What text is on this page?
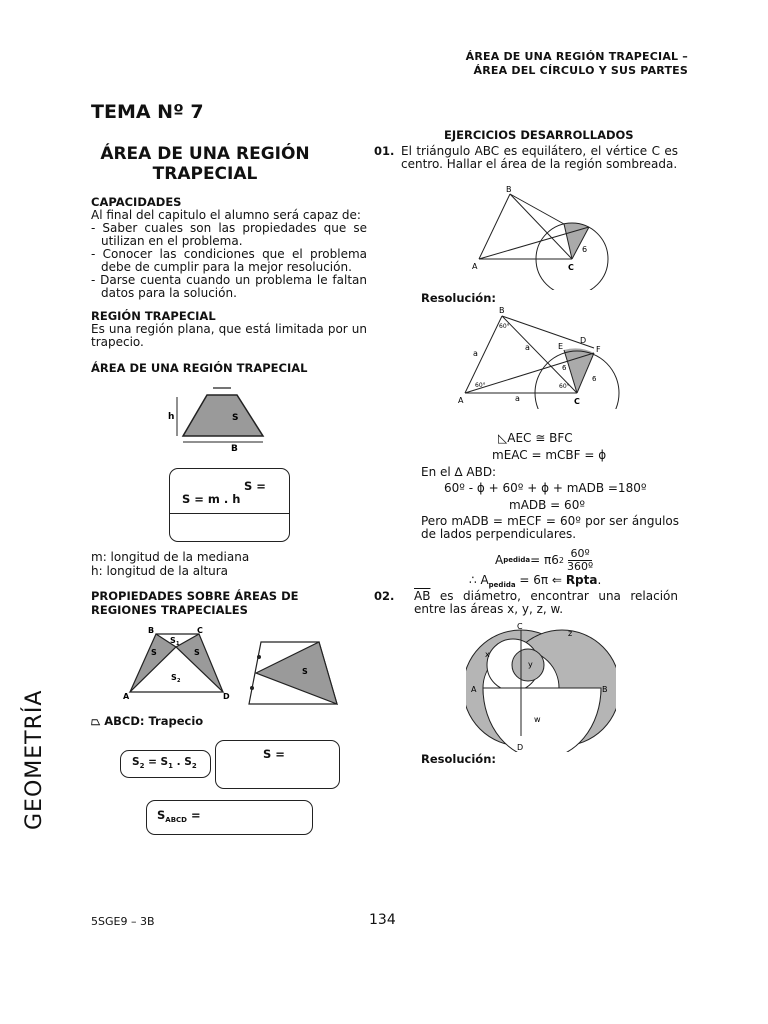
ÁREA DE UNA REGIÓN TRAPECIAL –
ÁREA DEL CÍRCULO Y SUS PARTES
TEMA Nº 7
ÁREA DE UNA REGIÓN
TRAPECIAL
CAPACIDADES
Al final del capitulo el alumno será capaz de:
- Saber cuales son las propiedades que se utilizan en el problema.
- Conocer las condiciones que el problema debe de cumplir para la mejor resolución.
- Darse cuenta cuando un problema le faltan datos para la solución.
REGIÓN TRAPECIAL
Es una región plana, que está limitada por un trapecio.
ÁREA DE UNA REGIÓN TRAPECIAL
h	S
B
S =
S = m . h
m: longitud de la mediana
h: longitud de la altura
PROPIEDADES SOBRE ÁREAS DE
REGIONES TRAPECIALES
B	C
A	D
S 1
S	S
S 2
S
⏢ ABCD: Trapecio
$S_2 = S_1$ . $S_2$
S =
$S_{ABCD}$ =
EJERCICIOS DESARROLLADOS
01. El triángulo ABC es equilátero, el vértice C es centro. Hallar el área de la región sombreada.
B
A	C
6
Resolución:
B
A	C
D
E	F
a
a
a
6
6
60°
60°	60°
◺AEC ≅ BFC
mEAC = mCBF = ϕ
En el ∆ ABD:
60º - ϕ + 60º + ϕ + mADB =180º
mADB = 60º
Pero mADB = mECF = 60º por ser ángulos de lados perpendiculares.
A pedida = π6 $2 \frac{\text{60º}}{\text{360º}}$
∴ $A_{pedida} = 6\pi$ ⇐ Rpta.
02.	$\overline{AB}$ es diámetro, encontrar una relación entre las áreas x, y, z, w.
C
A	B
D
x
y
z
w
Resolución:
GEOMETRÍA
5SGE9 – 3B	134
